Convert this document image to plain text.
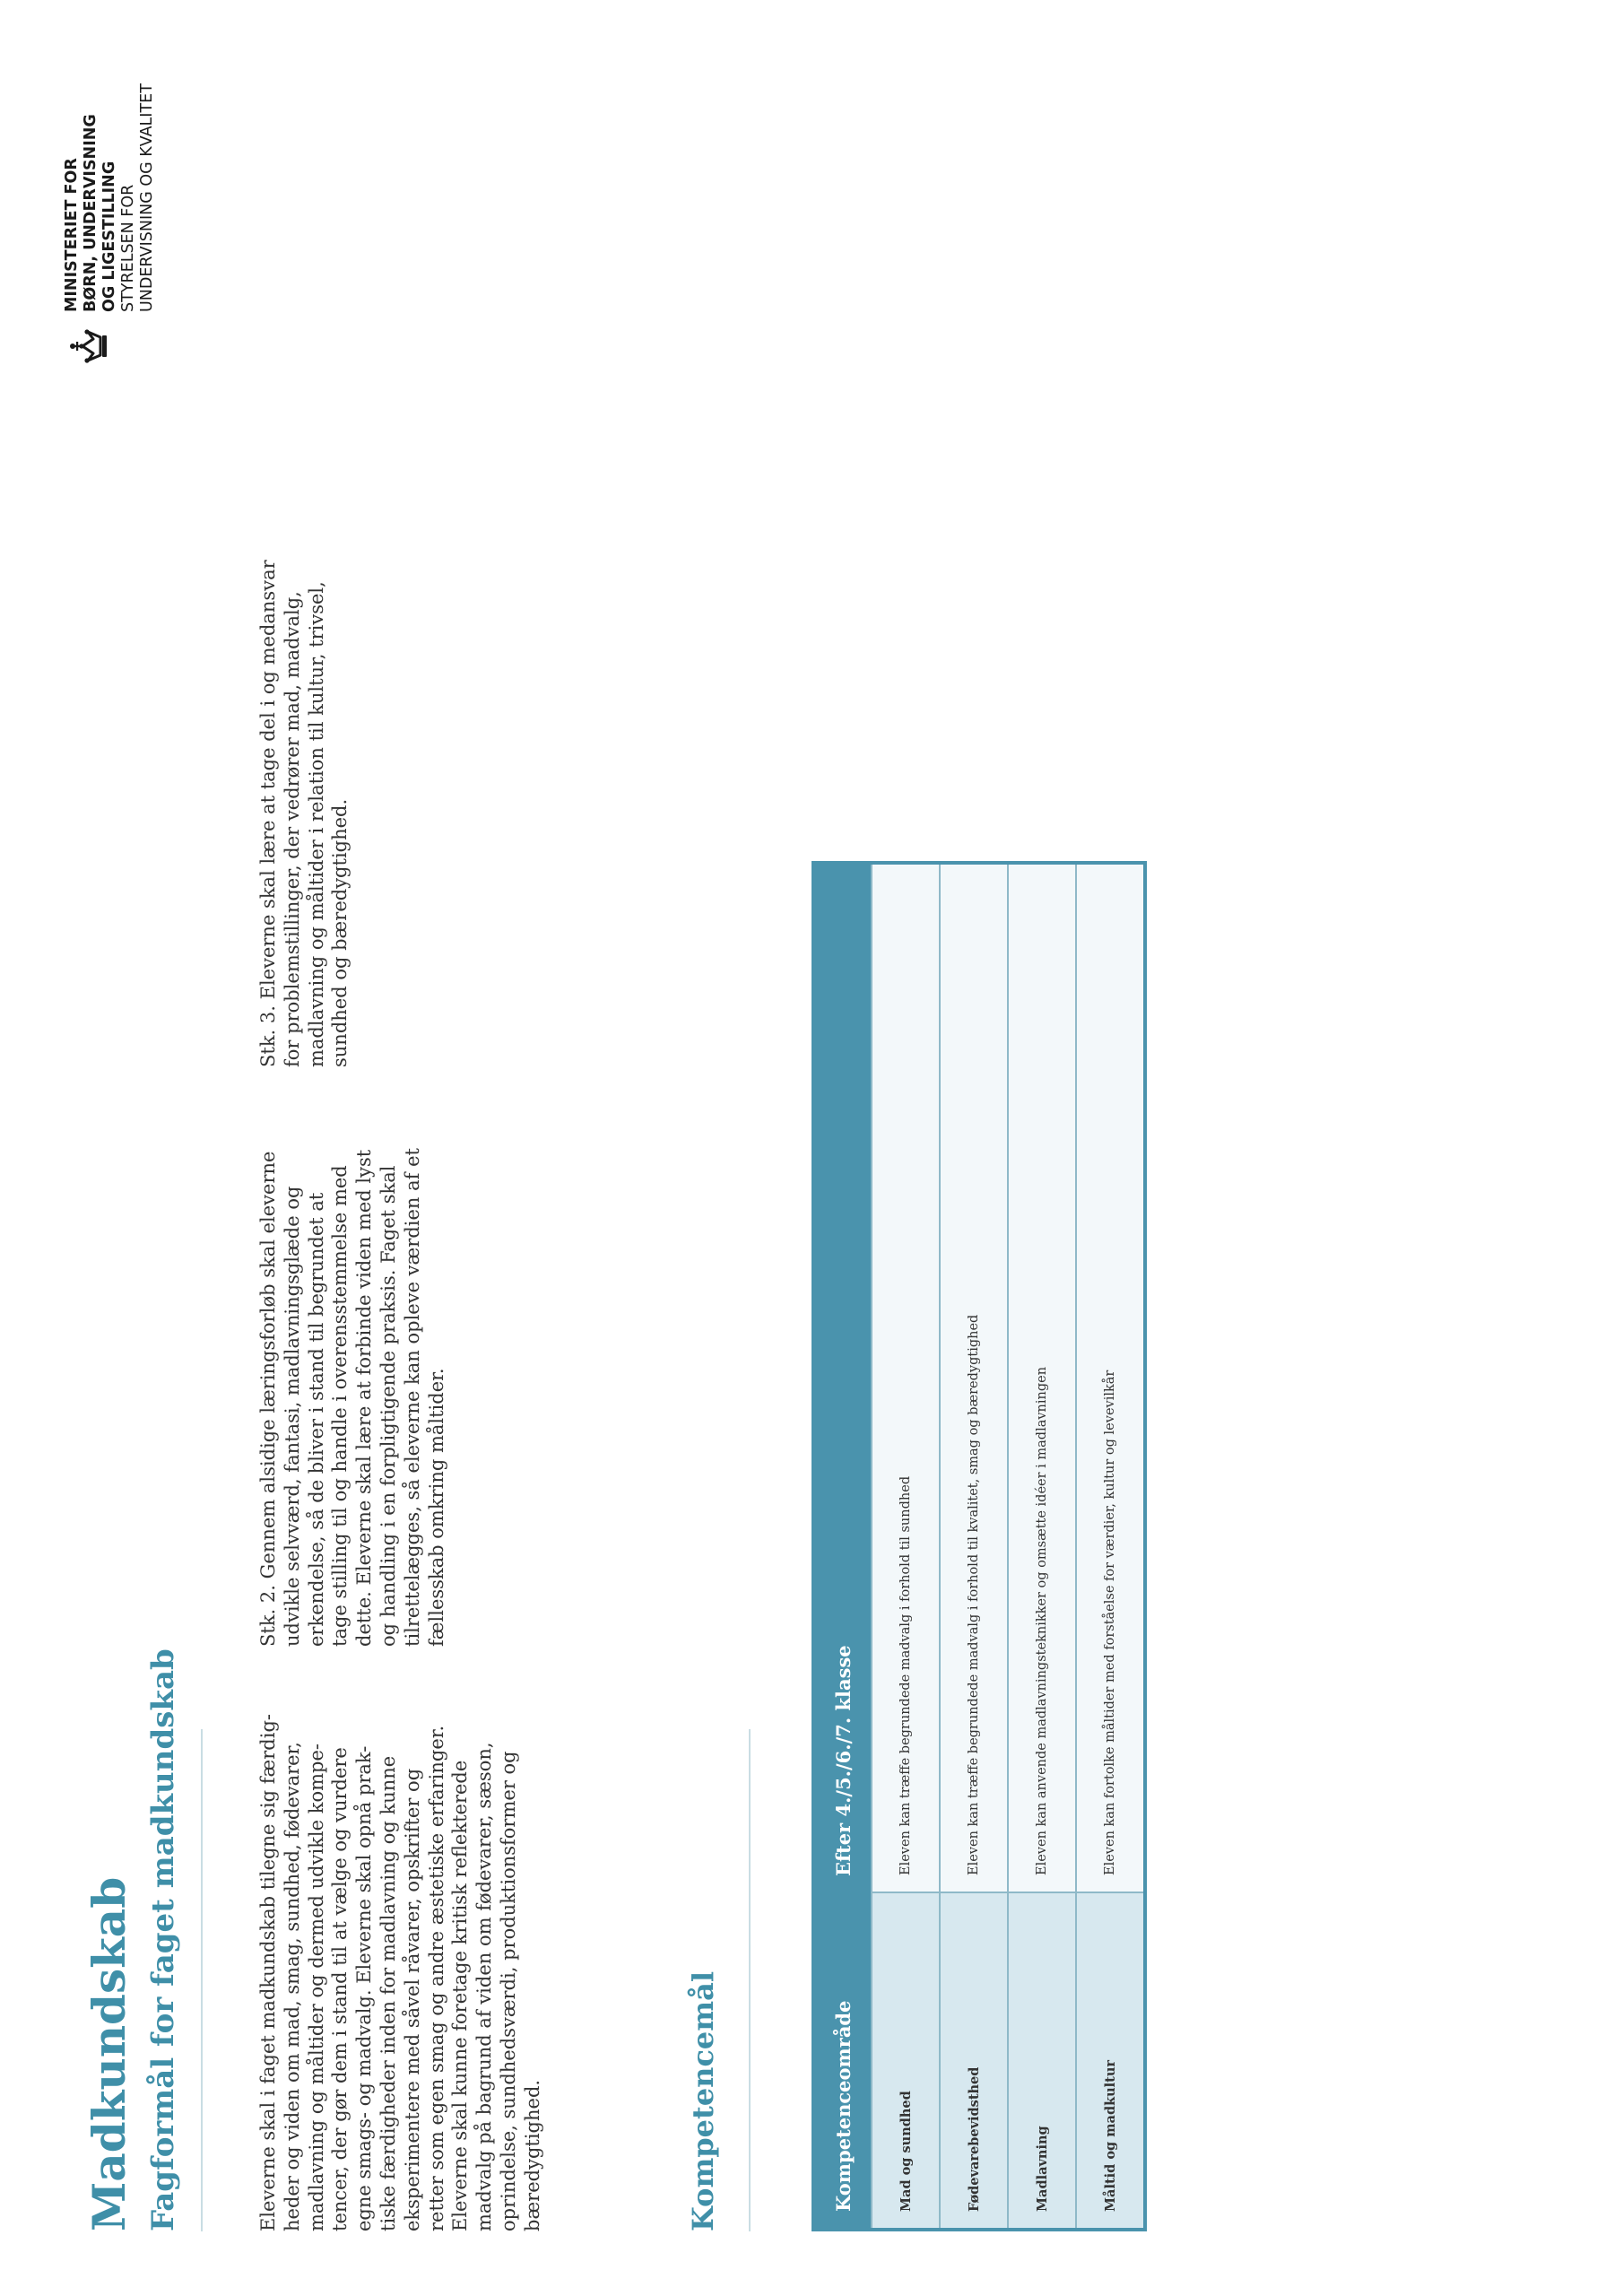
Madkundskab Fagformål for faget madkundskab	Eleverne skal i faget madkundskab tilegne sig færdig-
heder og viden om mad, smag, sundhed, fødevarer,
madlavning og måltider og dermed udvikle kompe-
tencer, der gør dem i stand til at vælge og vurdere
egne smags- og madvalg. Eleverne skal opnå prak-
tiske færdigheder inden for madlavning og kunne
eksperimentere med såvel råvarer, opskrifter og
retter som egen smag og andre æstetiske erfaringer.
Eleverne skal kunne foretage kritisk reflekterede
madvalg på bagrund af viden om fødevarer, sæson,
oprindelse, sundhedsværdi, produktionsformer og
bæredygtighed.

Stk. 2. Gennem alsidige læringsforløb skal eleverne
udvikle selvværd, fantasi, madlavningsglæde og
erkendelse, så de bliver i stand til begrundet at
tage stilling til og handle i overensstemmelse med
dette. Eleverne skal lære at forbinde viden med lyst
og handling i en forpligtigende praksis. Faget skal
tilrettelægges, så eleverne kan opleve værdien af et
fællesskab omkring måltider.

Stk. 3. Eleverne skal lære at tage del i og medansvar
for problemstillinger, der vedrører mad, madvalg,
madlavning og måltider i relation til kultur, trivsel,
sundhed og bæredygtighed.

Kompetencemål	Kompetenceområde	Efter 4./5./6./7. klasse
Mad og sundhed	Eleven kan træffe begrundede madvalg i forhold til sundhed
Fødevarebevidsthed	Eleven kan træffe begrundede madvalg i forhold til kvalitet, smag og bæredygtighed
Madlavning	Eleven kan anvende madlavningsteknikker og omsætte idéer i madlavningen
Måltid og madkultur	Eleven kan fortolke måltider med forståelse for værdier, kultur og levevilkår
MINISTERIET FOR BØRN, UNDERVISNING OG LIGESTILLING STYRELSEN FOR UNDERVISNING OG KVALITET
